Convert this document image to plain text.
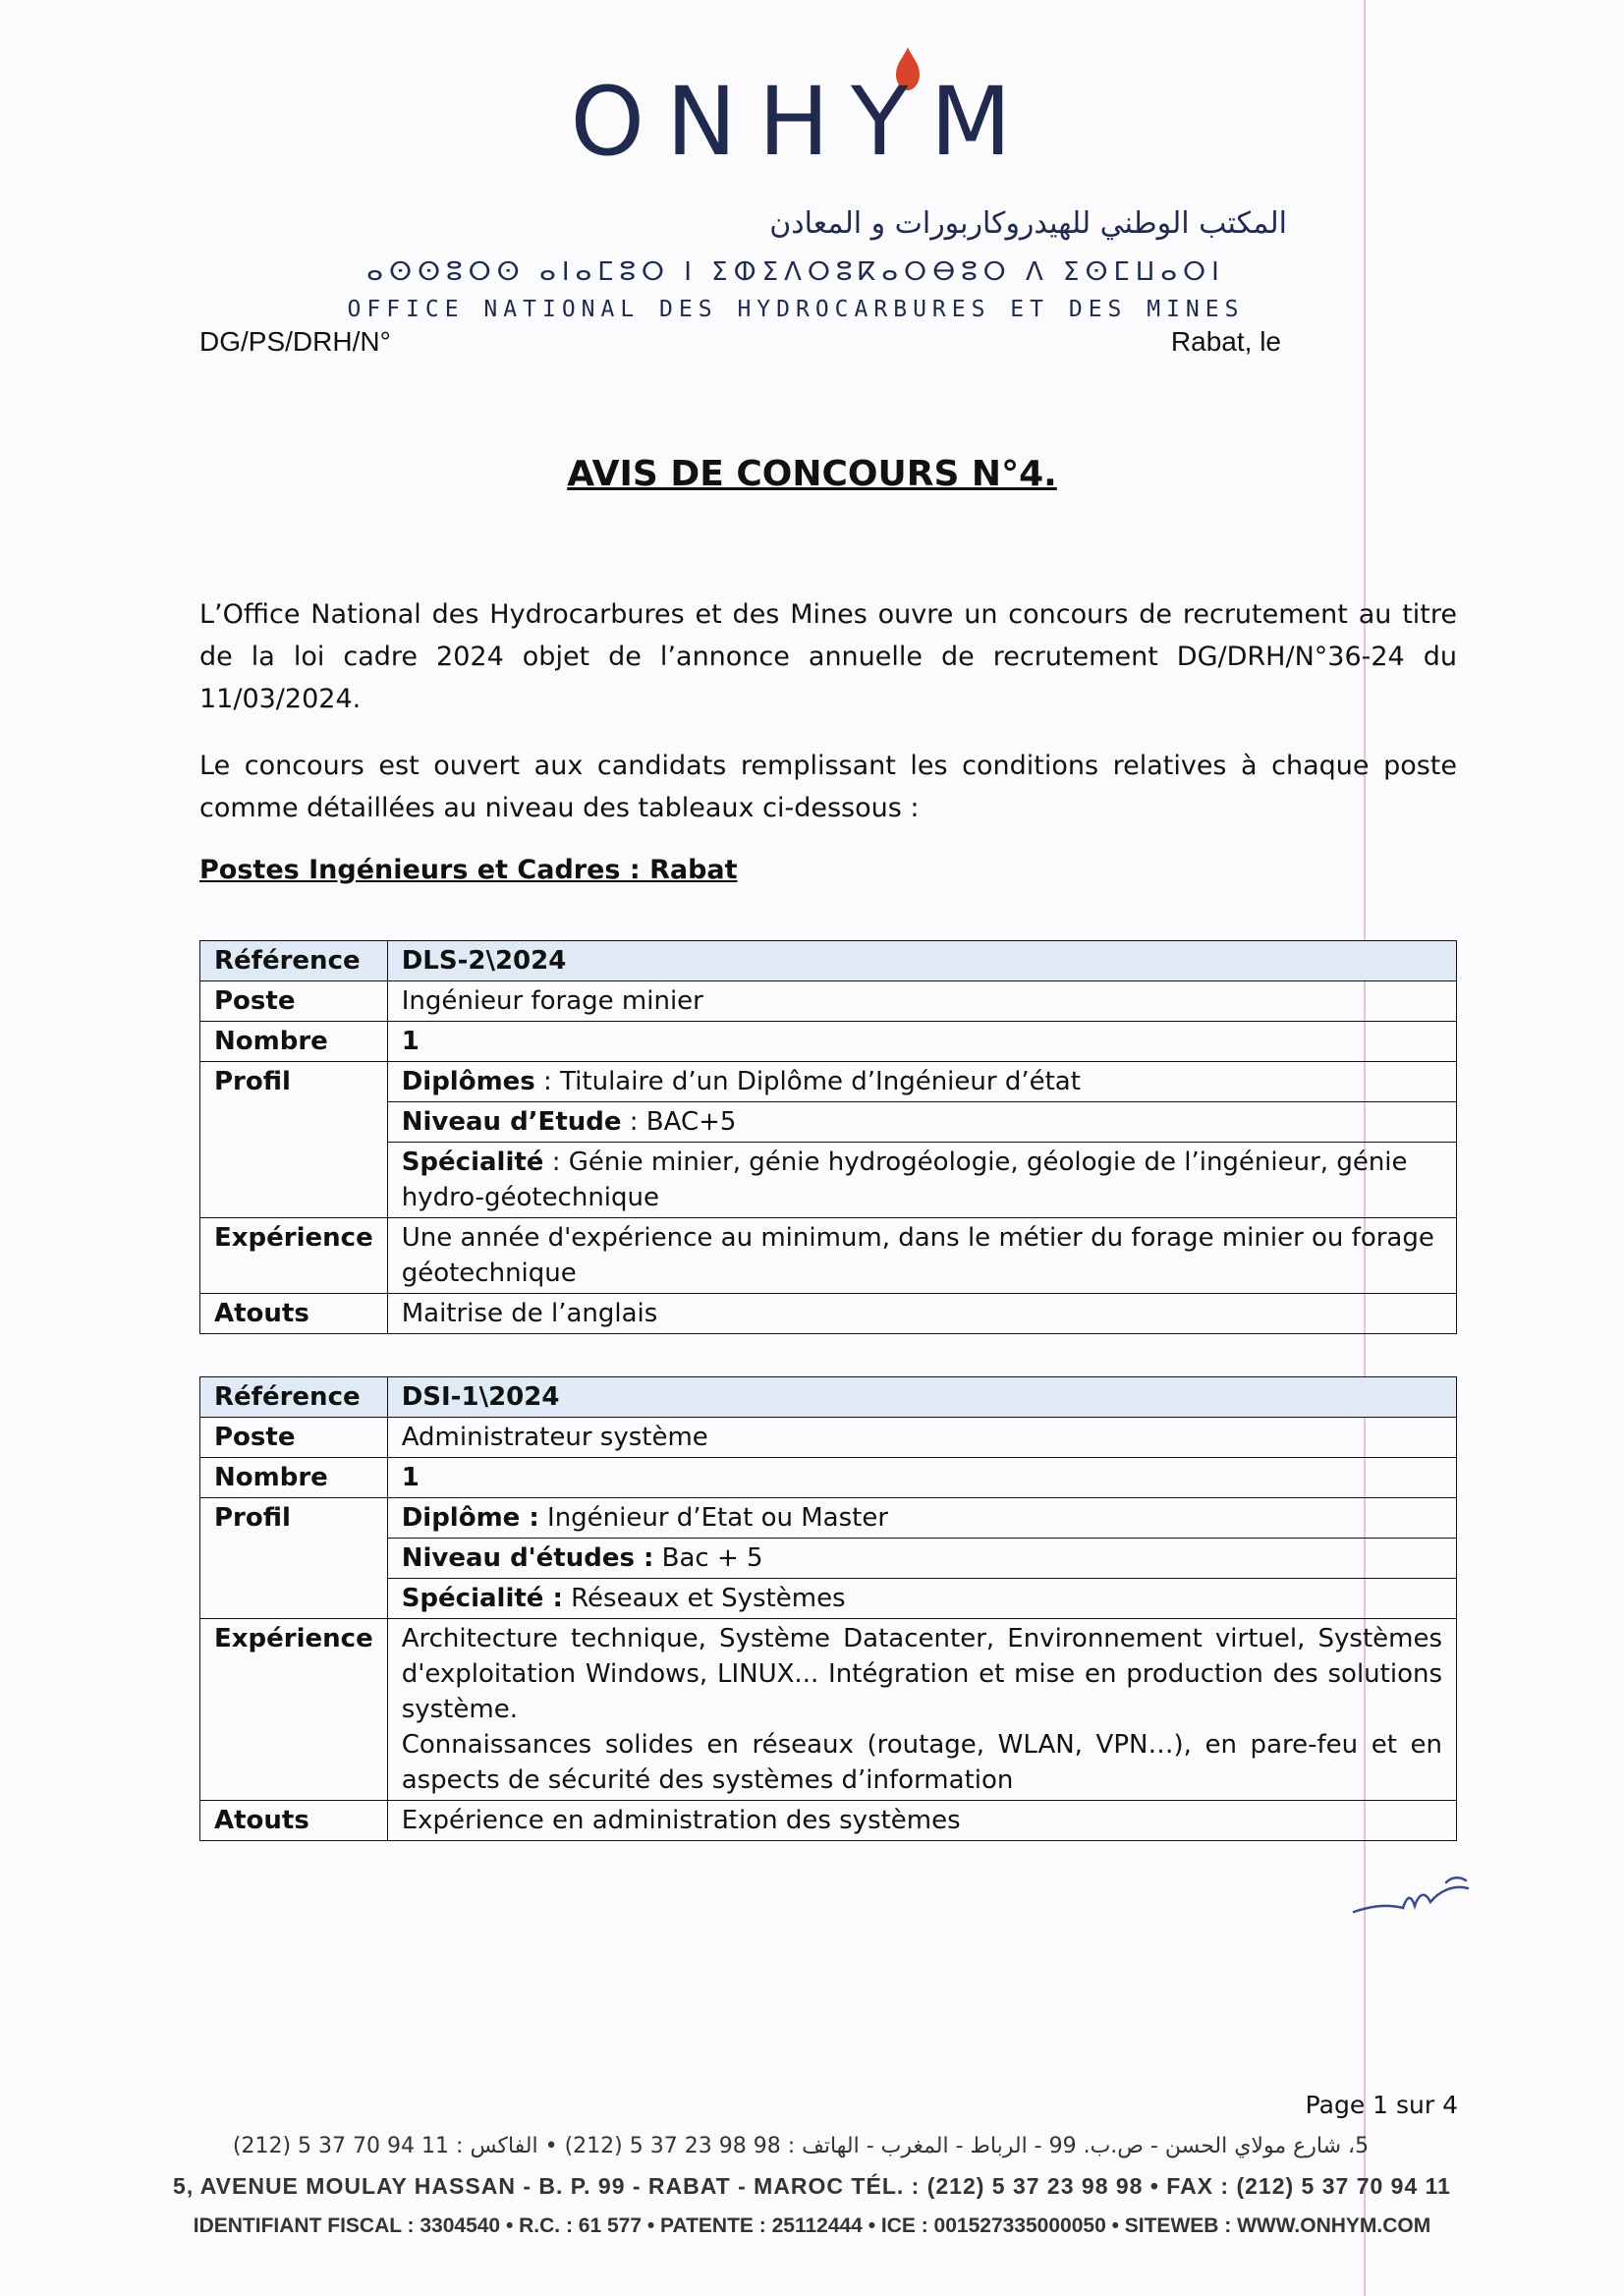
ONHYM
المكتب الوطني للهيدروكاربورات و المعادن
ⴰⵙⵙⵓⵔⵙ ⴰⵏⴰⵎⵓⵔ ⵏ ⵉⵀⵉⴷⵔⵓⴽⴰⵔⴱⵓⵔ ⴷ ⵉⵙⵎⵡⴰⵔⵏ
OFFICE NATIONAL DES HYDROCARBURES ET DES MINES
DG/PS/DRH/N°	Rabat, le
AVIS DE CONCOURS N°4.
L’Office National des Hydrocarbures et des Mines ouvre un concours de recrutement au titre de la loi cadre 2024 objet de l’annonce annuelle de recrutement DG/DRH/N°36-24 du 11/03/2024.
Le concours est ouvert aux candidats remplissant les conditions relatives à chaque poste comme détaillées au niveau des tableaux ci-dessous :
Postes Ingénieurs et Cadres : Rabat
Référence	DLS-2\2024
Poste	Ingénieur forage minier
Nombre	1
Profil	Diplômes : Titulaire d’un Diplôme d’Ingénieur d’état
	Niveau d’Etude : BAC+5
	Spécialité : Génie minier, génie hydrogéologie, géologie de l’ingénieur, génie hydro-géotechnique
Expérience	Une année d'expérience au minimum, dans le métier du forage minier ou forage géotechnique
Atouts	Maitrise de l’anglais
Référence	DSI-1\2024
Poste	Administrateur système
Nombre	1
Profil	Diplôme : Ingénieur d’Etat ou Master
	Niveau d'études : Bac + 5
	Spécialité : Réseaux et Systèmes
Expérience	Architecture technique, Système Datacenter, Environnement virtuel, Systèmes d'exploitation Windows, LINUX... Intégration et mise en production des solutions système.
Connaissances solides en réseaux (routage, WLAN, VPN…), en pare-feu et en aspects de sécurité des systèmes d’information

Atouts	Expérience en administration des systèmes
Page 1 sur 4
5، شارع مولاي الحسن - ص.ب. 99 - الرباط - المغرب - الهاتف : 98 98 23 37 5 (212) • الفاكس : 11 94 70 37 5 (212)
5, AVENUE MOULAY HASSAN - B. P. 99 - RABAT - MAROC TÉL. : (212) 5 37 23 98 98 • FAX : (212) 5 37 70 94 11
IDENTIFIANT FISCAL : 3304540 • R.C. : 61 577 • PATENTE : 25112444 • ICE : 001527335000050 • SITEWEB : WWW.ONHYM.COM
